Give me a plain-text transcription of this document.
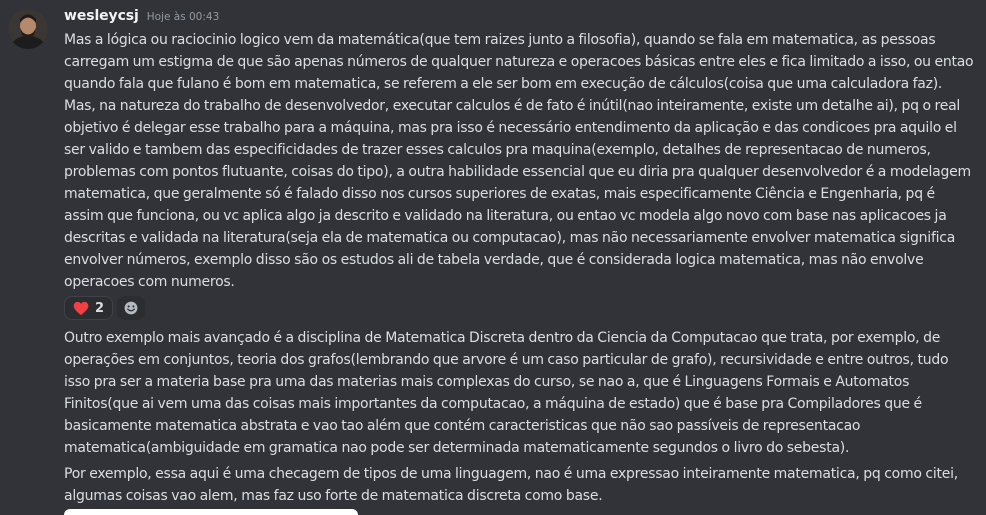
wesleycsj Hoje às 00:43

Mas a lógica ou raciocinio logico vem da matemática(que tem raizes junto a filosofia), quando se fala em matematica, as pessoas carregam um estigma de que são apenas números de qualquer natureza e operacoes básicas entre eles e fica limitado a isso, ou entao quando fala que fulano é bom em matematica, se referem a ele ser bom em execução de cálculos(coisa que uma calculadora faz). Mas, na natureza do trabalho de desenvolvedor, executar calculos é de fato é inútil(nao inteiramente, existe um detalhe ai), pq o real objetivo é delegar esse trabalho para a máquina, mas pra isso é necessário entendimento da aplicação e das condicoes pra aquilo el ser valido e tambem das especificidades de trazer esses calculos pra maquina(exemplo, detalhes de representacao de numeros, problemas com pontos flutuante, coisas do tipo), a outra habilidade essencial que eu diria pra qualquer desenvolvedor é a modelagem matematica, que geralmente só é falado disso nos cursos superiores de exatas, mais especificamente Ciência e Engenharia, pq é assim que funciona, ou vc aplica algo ja descrito e validado na literatura, ou entao vc modela algo novo com base nas aplicacoes ja descritas e validada na literatura(seja ela de matematica ou computacao), mas não necessariamente envolver matematica significa envolver números, exemplo disso são os estudos ali de tabela verdade, que é considerada logica matematica, mas não envolve operacoes com numeros.

2

Outro exemplo mais avançado é a disciplina de Matematica Discreta dentro da Ciencia da Computacao que trata, por exemplo, de operações em conjuntos, teoria dos grafos(lembrando que arvore é um caso particular de grafo), recursividade e entre outros, tudo isso pra ser a materia base pra uma das materias mais complexas do curso, se nao a, que é Linguagens Formais e Automatos Finitos(que ai vem uma das coisas mais importantes da computacao, a máquina de estado) que é base pra Compiladores que é basicamente matematica abstrata e vao tao além que contém caracteristicas que não sao passíveis de representacao matematica(ambiguidade em gramatica nao pode ser determinada matematicamente segundos o livro do sebesta).

Por exemplo, essa aqui é uma checagem de tipos de uma linguagem, nao é uma expressao inteiramente matematica, pq como citei, algumas coisas vao alem, mas faz uso forte de matematica discreta como base.
